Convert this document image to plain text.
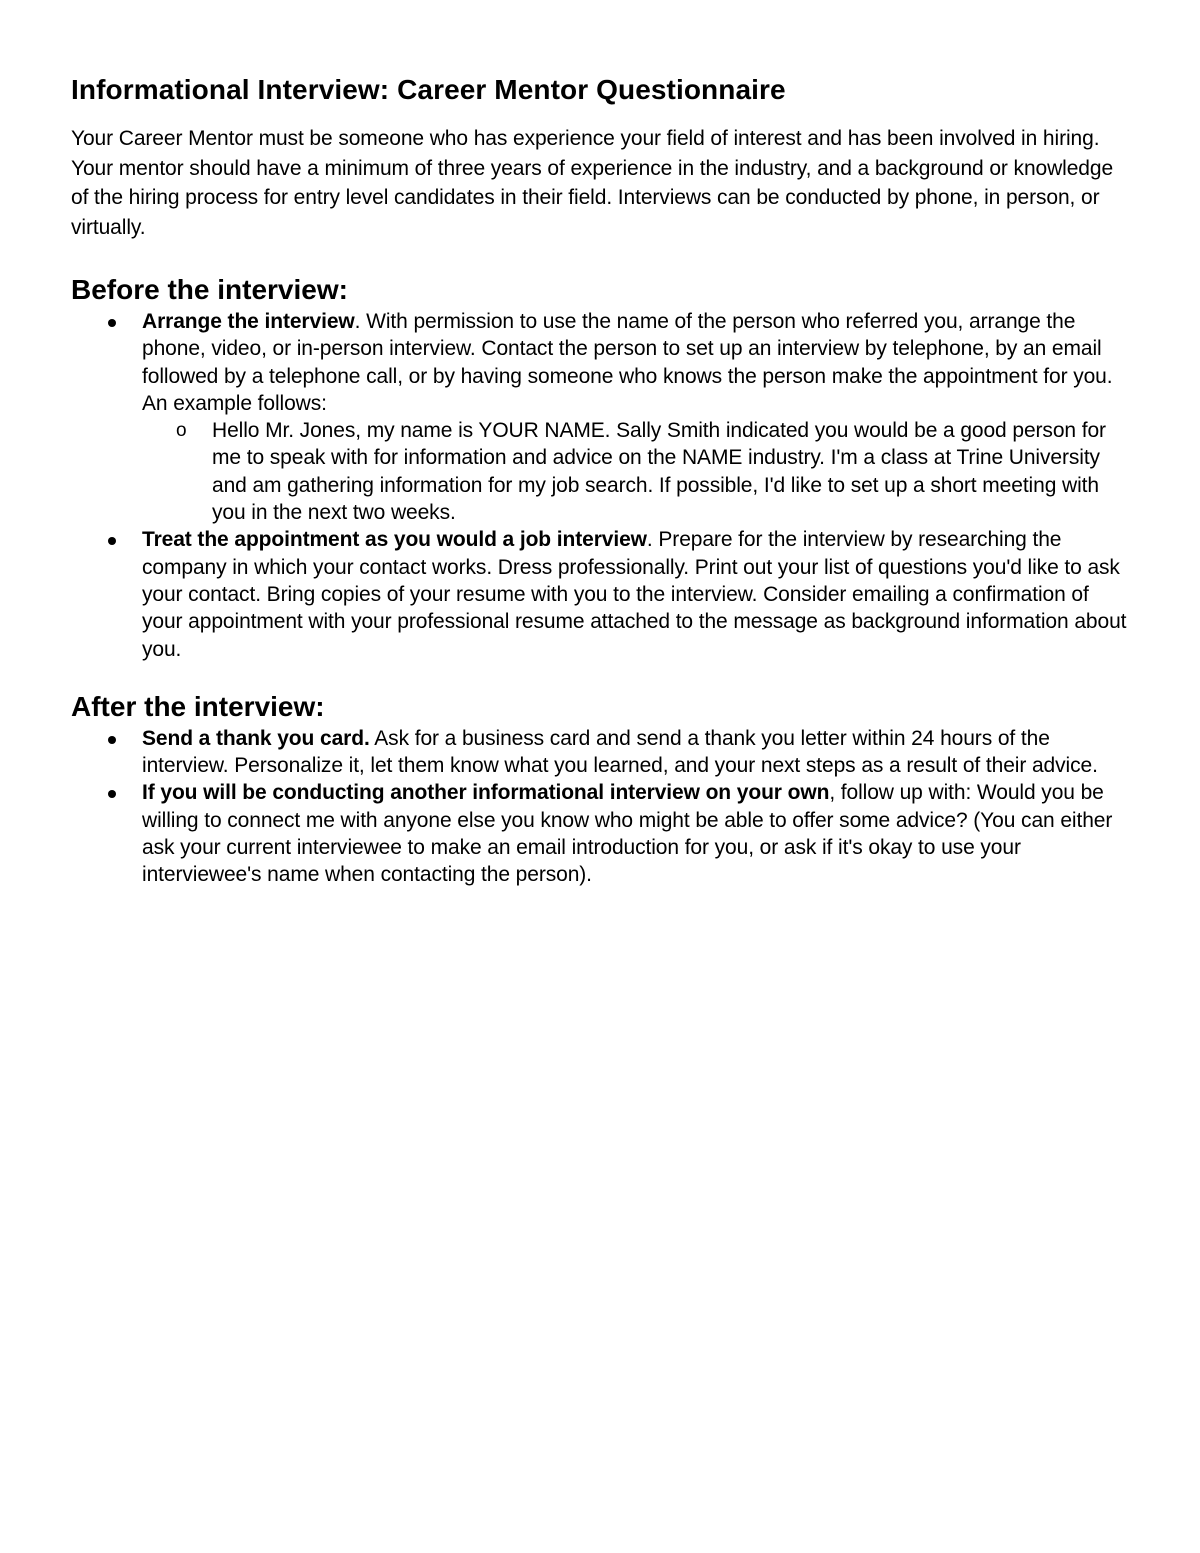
Informational Interview: Career Mentor Questionnaire

Your Career Mentor must be someone who has experience your field of interest and has been involved in hiring. Your mentor should have a minimum of three years of experience in the industry, and a background or knowledge of the hiring process for entry level candidates in their field. Interviews can be conducted by phone, in person, or virtually.

Before the interview:
Arrange the interview. With permission to use the name of the person who referred you, arrange the phone, video, or in-person interview. Contact the person to set up an interview by telephone, by an email followed by a telephone call, or by having someone who knows the person make the appointment for you. An example follows:
o Hello Mr. Jones, my name is YOUR NAME. Sally Smith indicated you would be a good person for me to speak with for information and advice on the NAME industry. I'm a class at Trine University and am gathering information for my job search. If possible, I'd like to set up a short meeting with you in the next two weeks.
Treat the appointment as you would a job interview. Prepare for the interview by researching the company in which your contact works. Dress professionally. Print out your list of questions you'd like to ask your contact. Bring copies of your resume with you to the interview. Consider emailing a confirmation of your appointment with your professional resume attached to the message as background information about you.
After the interview:
Send a thank you card. Ask for a business card and send a thank you letter within 24 hours of the interview. Personalize it, let them know what you learned, and your next steps as a result of their advice.
If you will be conducting another informational interview on your own, follow up with: Would you be willing to connect me with anyone else you know who might be able to offer some advice? (You can either ask your current interviewee to make an email introduction for you, or ask if it's okay to use your interviewee's name when contacting the person).
